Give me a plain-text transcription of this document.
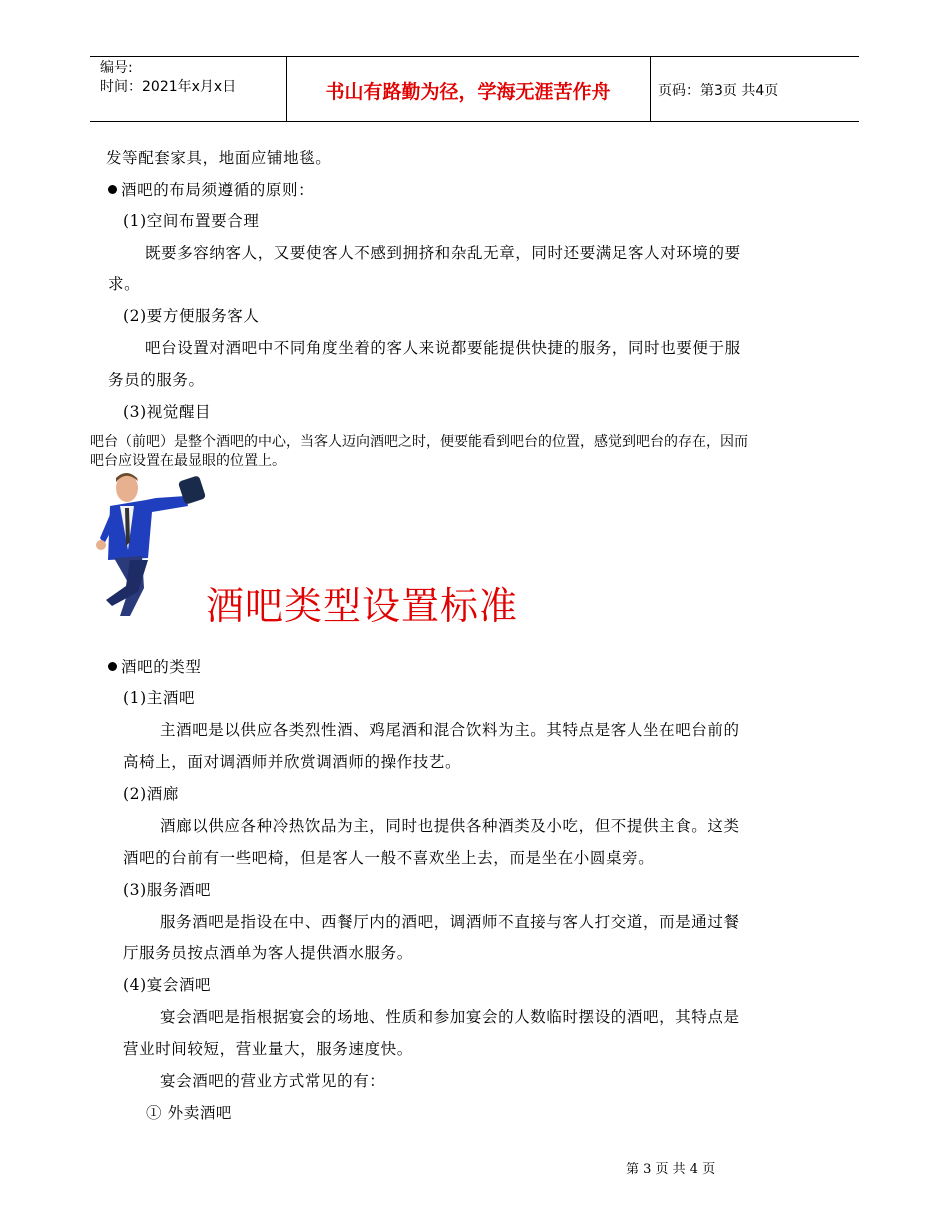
编号:
时间：2021年x月x日	书山有路勤为径，学海无涯苦作舟	页码：第3页 共4页
发等配套家具，地面应铺地毯。
酒吧的布局须遵循的原则：
(1)空间布置要合理
既要多容纳客人，又要使客人不感到拥挤和杂乱无章，同时还要满足客人对环境的要
求。
(2)要方便服务客人
吧台设置对酒吧中不同角度坐着的客人来说都要能提供快捷的服务，同时也要便于服
务员的服务。
(3)视觉醒目
吧台（前吧）是整个酒吧的中心，当客人迈向酒吧之时，便要能看到吧台的位置，感觉到吧台的存在，因而
吧台应设置在最显眼的位置上。
酒吧类型设置标准
酒吧的类型
(1)主酒吧
主酒吧是以供应各类烈性酒、鸡尾酒和混合饮料为主。其特点是客人坐在吧台前的
高椅上，面对调酒师并欣赏调酒师的操作技艺。
(2)酒廊
酒廊以供应各种冷热饮品为主，同时也提供各种酒类及小吃，但不提供主食。这类
酒吧的台前有一些吧椅，但是客人一般不喜欢坐上去，而是坐在小圆桌旁。
(3)服务酒吧
服务酒吧是指设在中、西餐厅内的酒吧，调酒师不直接与客人打交道，而是通过餐
厅服务员按点酒单为客人提供酒水服务。
(4)宴会酒吧
宴会酒吧是指根据宴会的场地、性质和参加宴会的人数临时摆设的酒吧，其特点是
营业时间较短，营业量大，服务速度快。
宴会酒吧的营业方式常见的有：
① 外卖酒吧
第 3 页 共 4 页
